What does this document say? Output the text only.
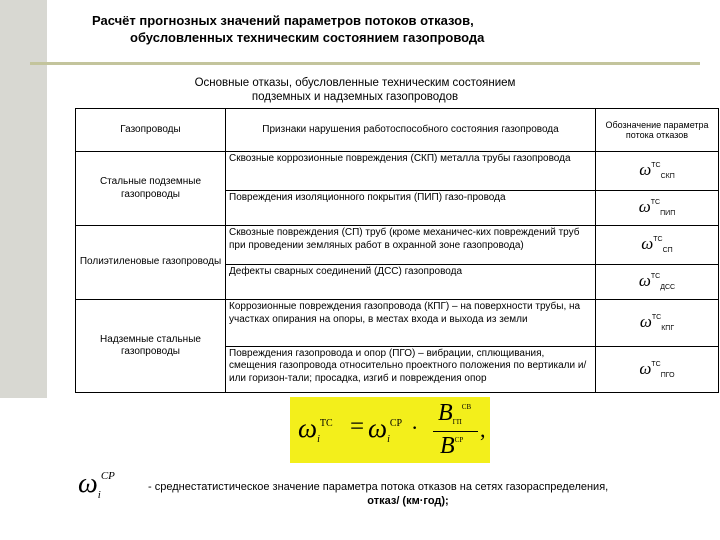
Расчёт прогнозных значений параметров потоков отказов,
обусловленных техническим состоянием газопровода
Основные отказы, обусловленные техническим состоянием
подземных и надземных газопроводов
Газопроводы	Признаки нарушения работоспособного состояния газопровода	Обозначение параметра потока отказов
Стальные подземные газопроводы	Сквозные коррозионные повреждения (СКП) металла трубы газопровода	$\omega^{ТС}_{СКП}$
	Повреждения изоляционного покрытия (ПИП) газо-провода	$\omega^{ТС}_{ПИП}$
Полиэтиленовые газопроводы	Сквозные повреждения (СП) труб (кроме механичес-ких повреждений труб при проведении земляных работ в охранной зоне газопровода)	$\omega^{ТС}_{СП}$
	Дефекты сварных соединений (ДСС) газопровода	$\omega^{ТС}_{ДСС}$
Надземные стальные газопроводы	Коррозионные повреждения газопровода (КПГ) – на поверхности трубы, на участках опирания на опоры, в местах входа и выхода из земли	$\omega^{ТС}_{КПГ}$
	Повреждения газопровода и опор (ПГО) – вибрации, сплющивания, смещения газопровода относительно проектного положения по вертикали и/или горизон-тали; просадка, изгиб и повреждения опор	$\omega^{ТС}_{ПГО}$
$\omega i^{TC} = \omega i^{CP}$ ·
$BГП^{СВ}$
$B^{СР}$ ,
$\omega_i^{CP}$
- среднестатистическое значение параметра потока отказов на сетях газораспределения,
отказ/ (км·год);
